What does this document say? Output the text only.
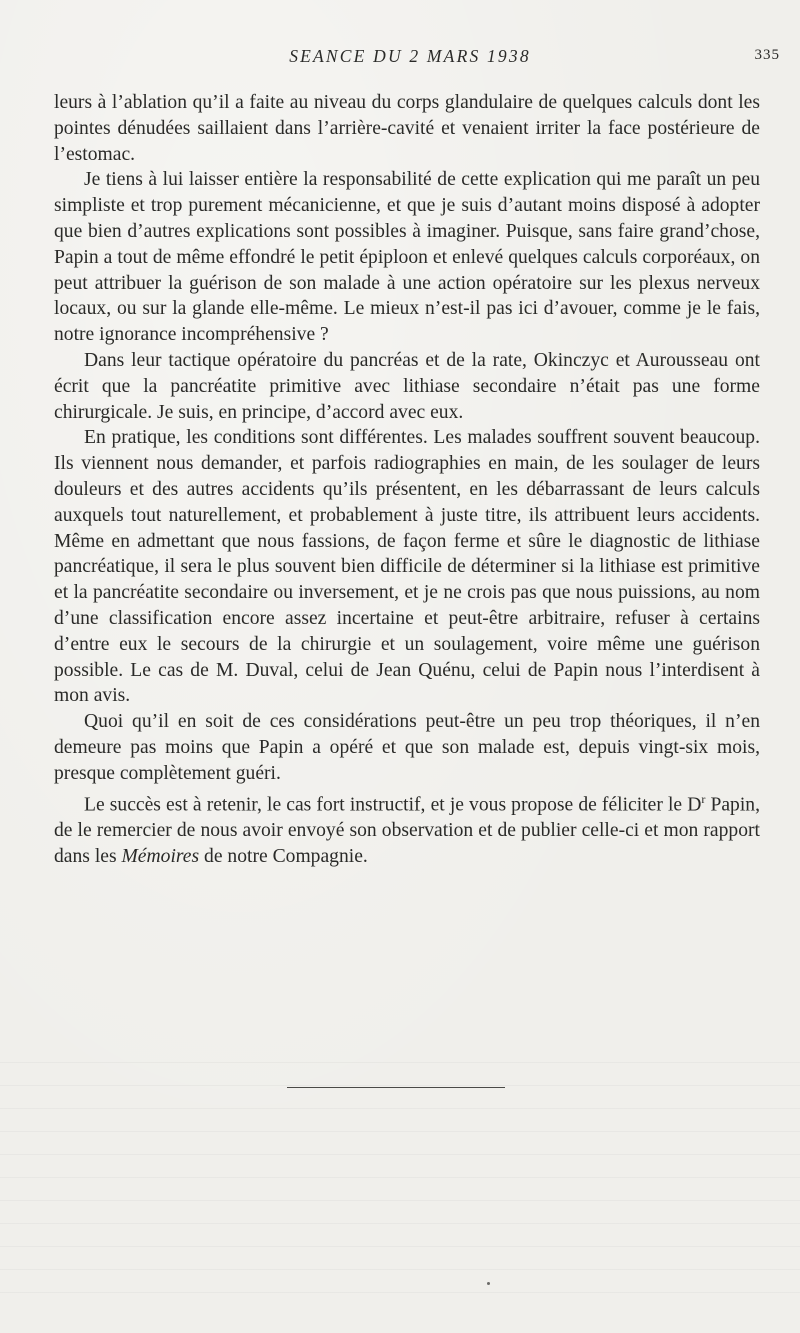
SEANCE DU 2 MARS 1938	335

leurs à l’ablation qu’il a faite au niveau du corps glandulaire de quelques calculs dont les pointes dénudées saillaient dans l’arrière-cavité et venaient irriter la face postérieure de l’estomac.

Je tiens à lui laisser entière la responsabilité de cette explication qui me paraît un peu simpliste et trop purement mécanicienne, et que je suis d’autant moins disposé à adopter que bien d’autres explications sont possibles à imaginer. Puisque, sans faire grand’chose, Papin a tout de même effondré le petit épiploon et enlevé quelques calculs corporéaux, on peut attribuer la guérison de son malade à une action opératoire sur les plexus nerveux locaux, ou sur la glande elle-même. Le mieux n’est-il pas ici d’avouer, comme je le fais, notre ignorance incompréhensive ?

Dans leur tactique opératoire du pancréas et de la rate, Okinczyc et Aurousseau ont écrit que la pancréatite primitive avec lithiase secondaire n’était pas une forme chirurgicale. Je suis, en principe, d’accord avec eux.

En pratique, les conditions sont différentes. Les malades souffrent souvent beaucoup. Ils viennent nous demander, et parfois radiographies en main, de les soulager de leurs douleurs et des autres accidents qu’ils présentent, en les débarrassant de leurs calculs auxquels tout naturellement, et probablement à juste titre, ils attribuent leurs accidents. Même en admettant que nous fassions, de façon ferme et sûre le diagnostic de lithiase pancréatique, il sera le plus souvent bien difficile de déterminer si la lithiase est primitive et la pancréatite secondaire ou inversement, et je ne crois pas que nous puissions, au nom d’une classification encore assez incertaine et peut-être arbitraire, refuser à certains d’entre eux le secours de la chirurgie et un soulagement, voire même une guérison possible. Le cas de M. Duval, celui de Jean Quénu, celui de Papin nous l’interdisent à mon avis.

Quoi qu’il en soit de ces considérations peut-être un peu trop théoriques, il n’en demeure pas moins que Papin a opéré et que son malade est, depuis vingt-six mois, presque complètement guéri.

Le succès est à retenir, le cas fort instructif, et je vous propose de féliciter le $D^r$ Papin, de le remercier de nous avoir envoyé son observation et de publier celle-ci et mon rapport dans les Mémoires de notre Compagnie.
